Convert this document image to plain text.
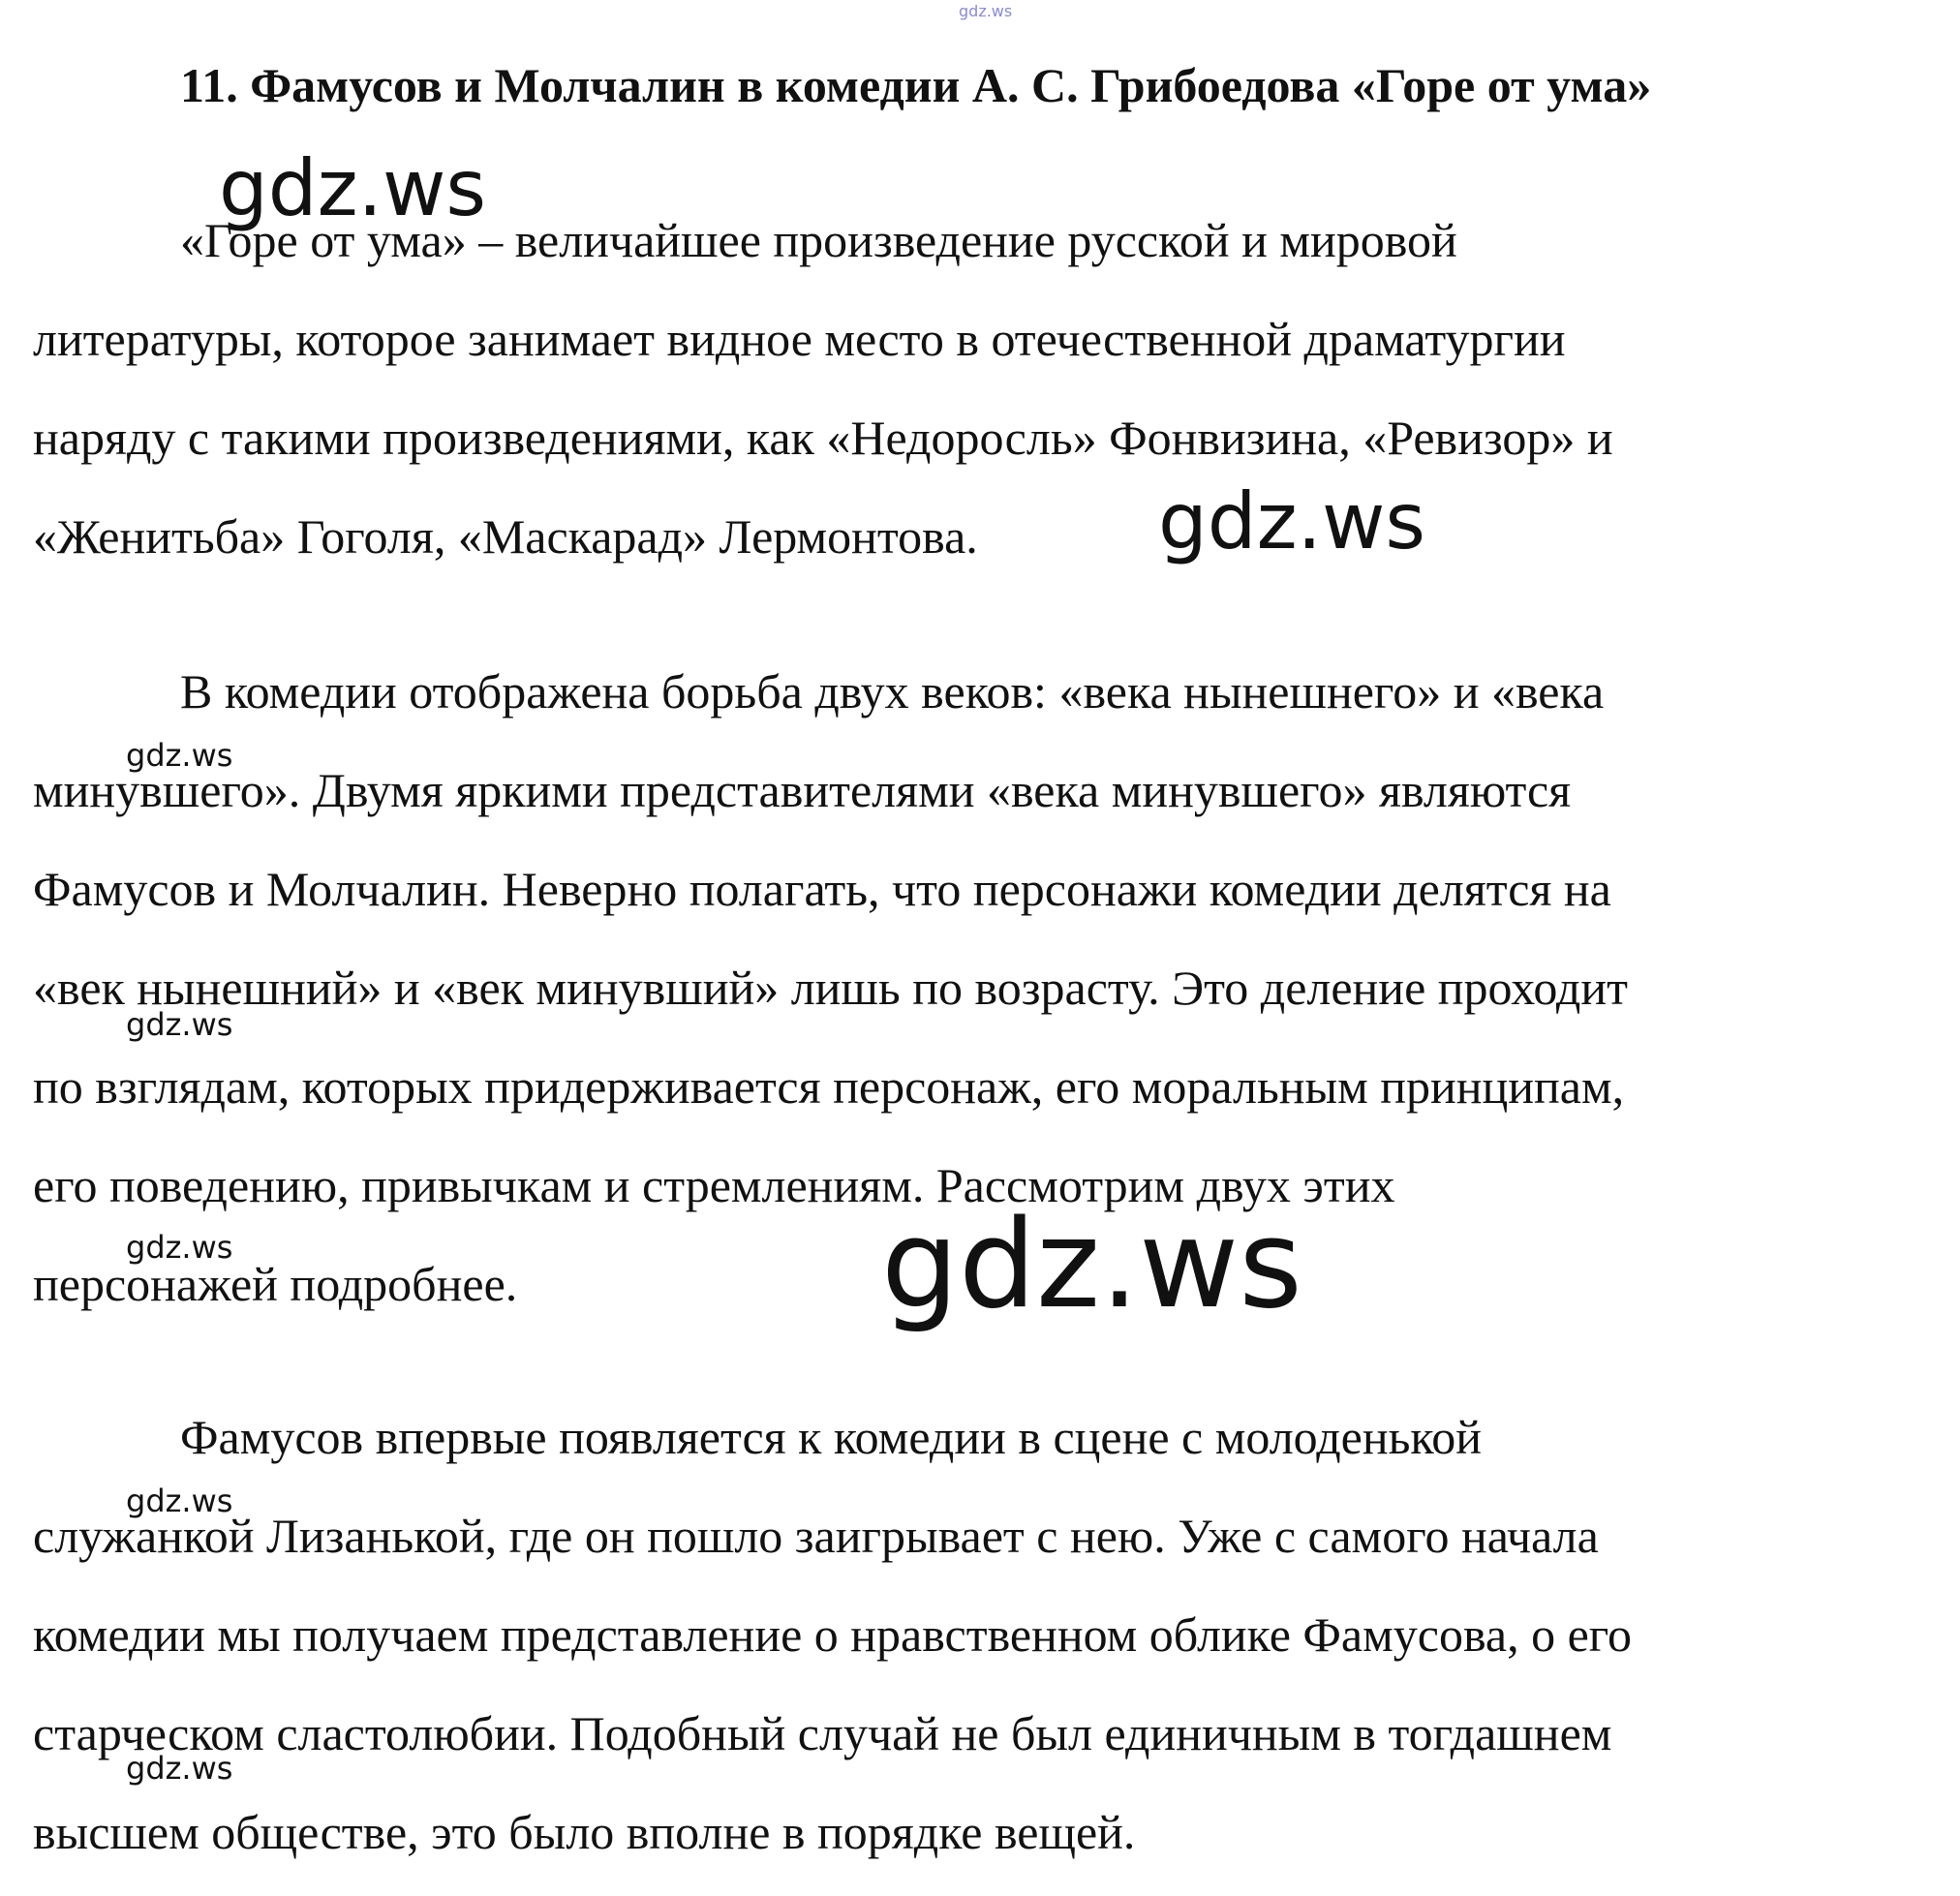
gdz.ws
11. Фамусов и Молчалин в комедии А. С. Грибоедова «Горе от ума»
gdz.ws
«Горе от ума» – величайшее произведение русской и мировой
литературы, которое занимает видное место в отечественной драматургии
наряду с такими произведениями, как «Недоросль» Фонвизина, «Ревизор» и
«Женитьба» Гоголя, «Маскарад» Лермонтова. gdz.ws
В комедии отображена борьба двух веков: «века нынешнего» и «века
gdz.ws
минувшего». Двумя яркими представителями «века минувшего» являются
Фамусов и Молчалин. Неверно полагать, что персонажи комедии делятся на
«век нынешний» и «век минувший» лишь по возрасту. Это деление проходит
gdz.ws
по взглядам, которых придерживается персонаж, его моральным принципам,
его поведению, привычкам и стремлениям. Рассмотрим двух этих
gdz.ws
персонажей подробнее.	gdz.ws
Фамусов впервые появляется к комедии в сцене с молоденькой
gdz.ws
служанкой Лизанькой, где он пошло заигрывает с нею. Уже с самого начала
комедии мы получаем представление о нравственном облике Фамусова, о его
старческом сластолюбии. Подобный случай не был единичным в тогдашнем
gdz.ws
высшем обществе, это было вполне в порядке вещей.
